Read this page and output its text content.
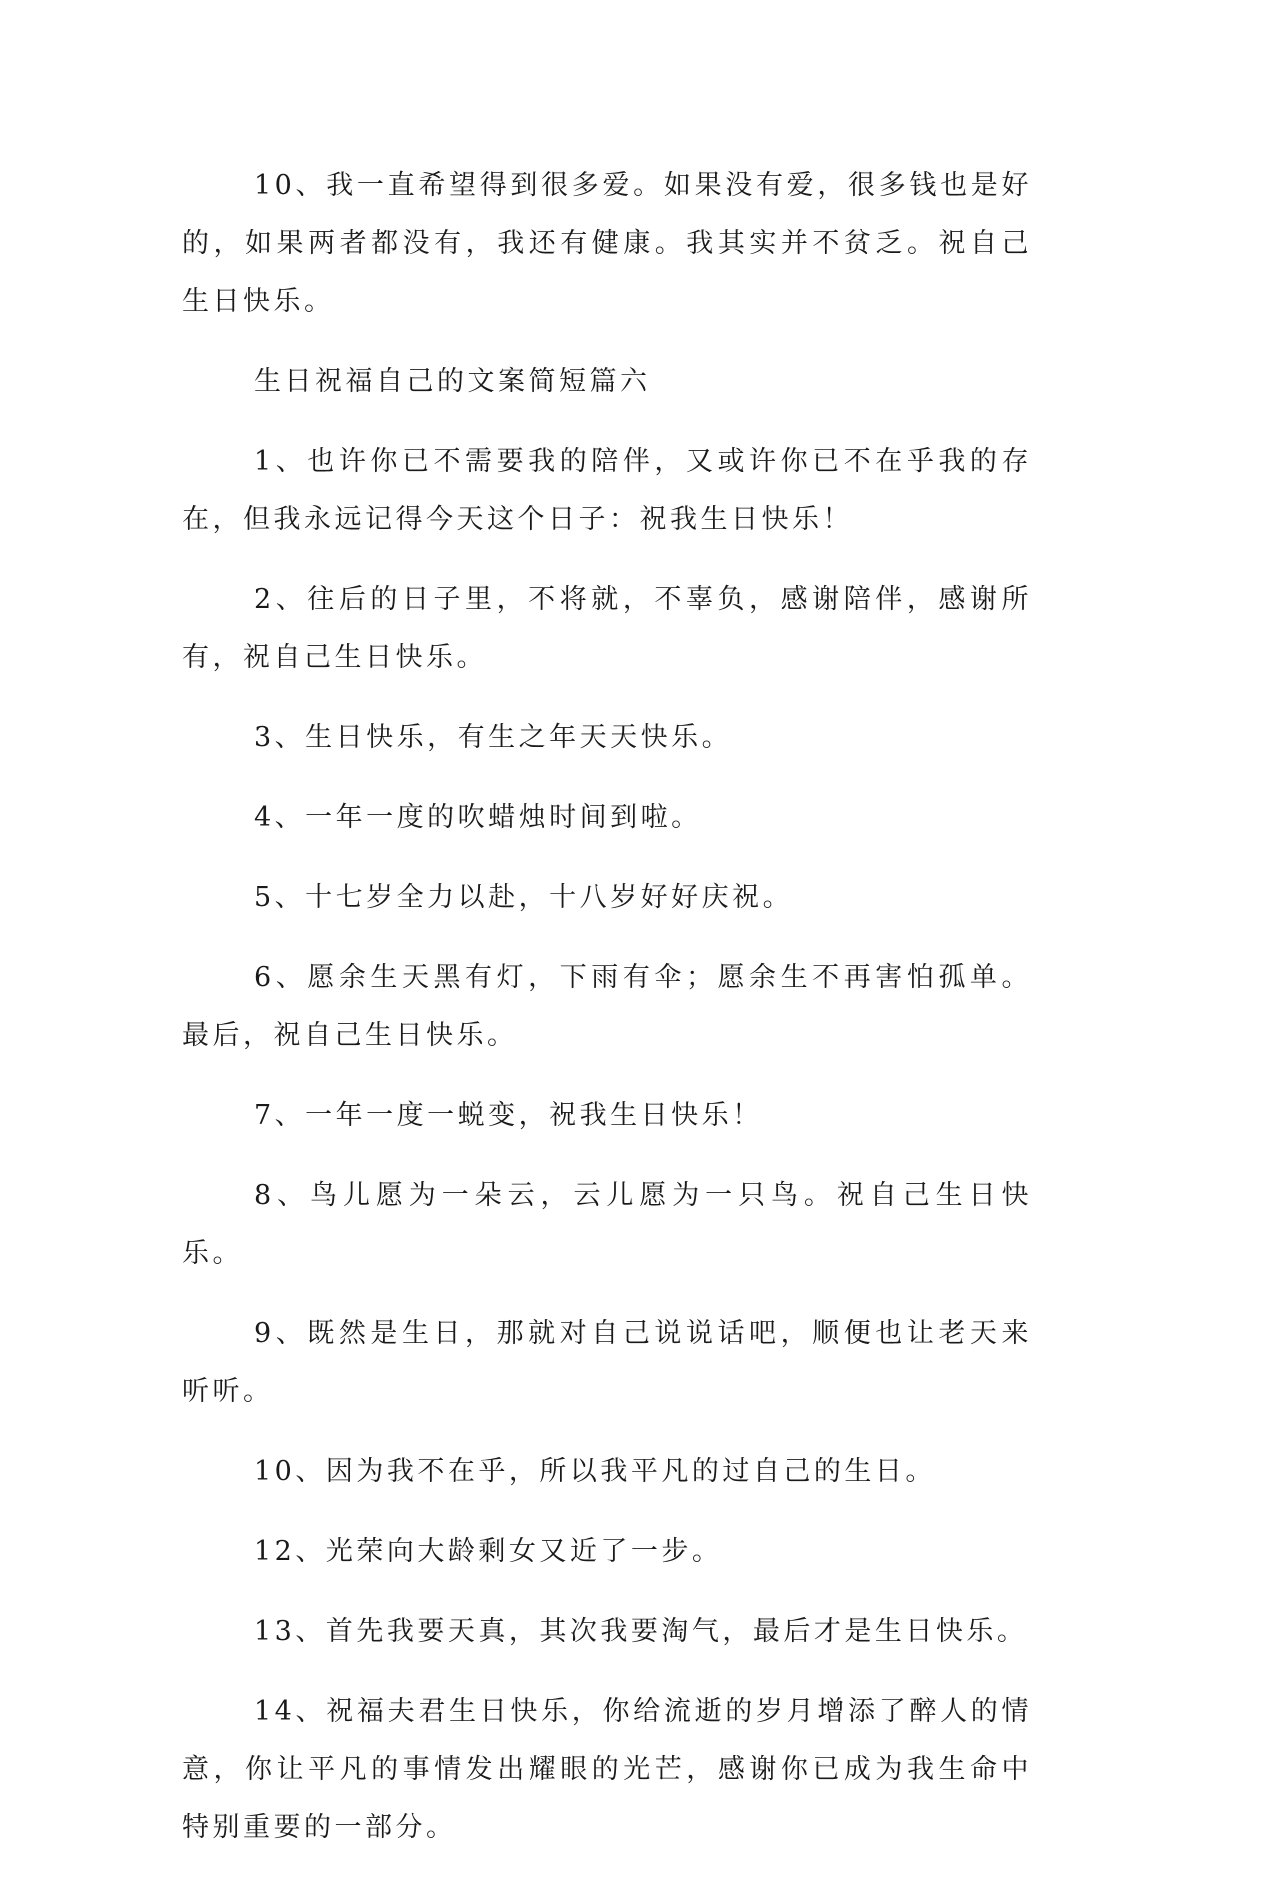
10、我一直希望得到很多爱。如果没有爱，很多钱也是好的，如果两者都没有，我还有健康。我其实并不贫乏。祝自己生日快乐。

生日祝福自己的文案简短篇六

1、也许你已不需要我的陪伴，又或许你已不在乎我的存在，但我永远记得今天这个日子：祝我生日快乐！

2、往后的日子里，不将就，不辜负，感谢陪伴，感谢所有，祝自己生日快乐。

3、生日快乐，有生之年天天快乐。

4、一年一度的吹蜡烛时间到啦。

5、十七岁全力以赴，十八岁好好庆祝。

6、愿余生天黑有灯，下雨有伞；愿余生不再害怕孤单。最后，祝自己生日快乐。

7、一年一度一蜕变，祝我生日快乐！

8、鸟儿愿为一朵云，云儿愿为一只鸟。祝自己生日快乐。

9、既然是生日，那就对自己说说话吧，顺便也让老天来听听。

10、因为我不在乎，所以我平凡的过自己的生日。

12、光荣向大龄剩女又近了一步。

13、首先我要天真，其次我要淘气，最后才是生日快乐。

14、祝福夫君生日快乐，你给流逝的岁月增添了醉人的情意，你让平凡的事情发出耀眼的光芒，感谢你已成为我生命中特别重要的一部分。
